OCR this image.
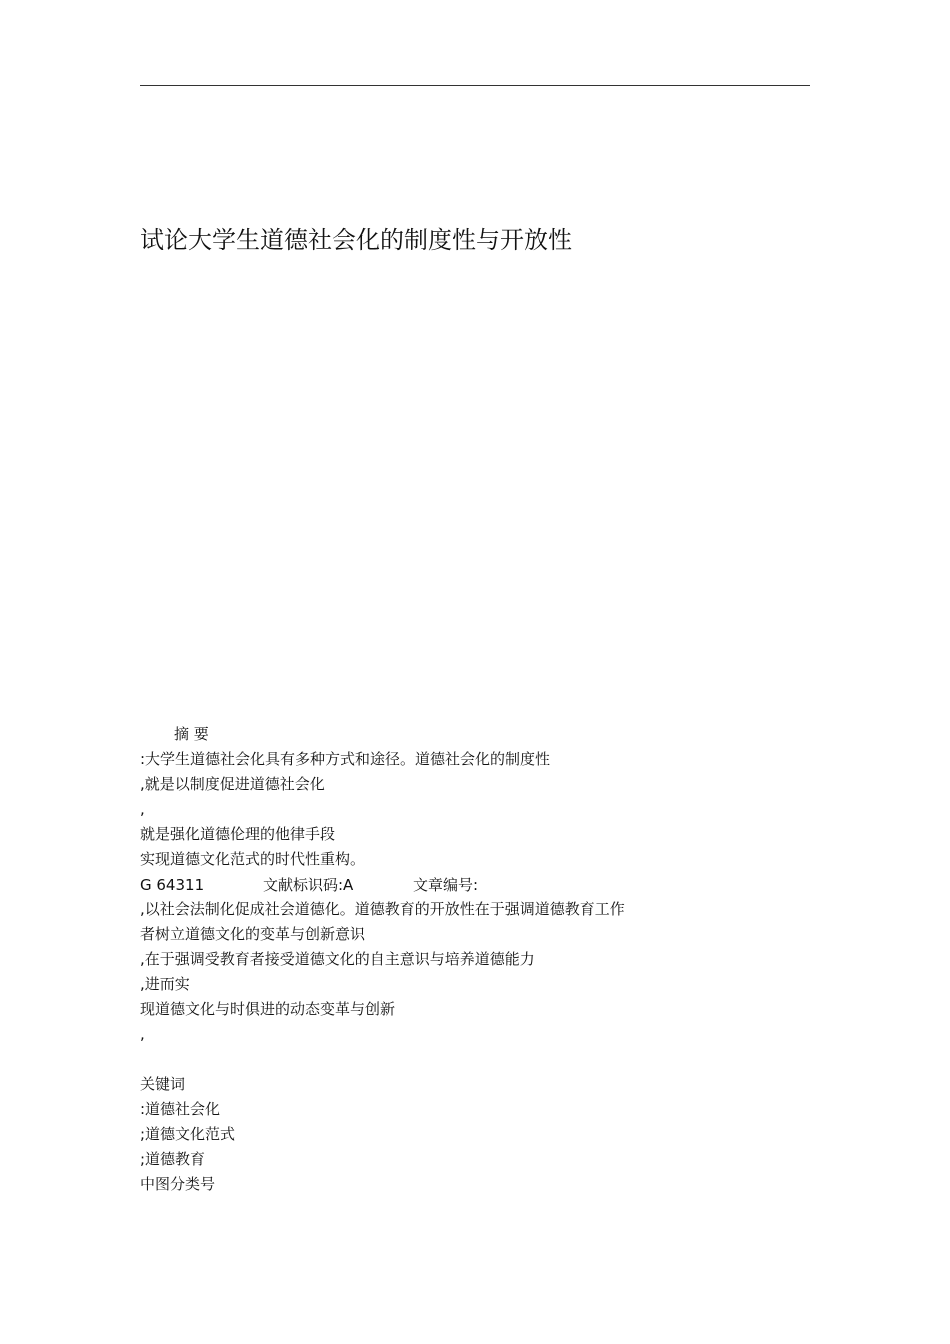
试论大学生道德社会化的制度性与开放性
摘 要
:大学生道德社会化具有多种方式和途径。道德社会化的制度性
,就是以制度促进道德社会化
,
就是强化道德伦理的他律手段
实现道德文化范式的时代性重构。
G 64311	文献标识码:A	文章编号:
,以社会法制化促成社会道德化。道德教育的开放性在于强调道德教育工作
者树立道德文化的变革与创新意识
,在于强调受教育者接受道德文化的自主意识与培养道德能力
,进而实
现道德文化与时俱进的动态变革与创新
,
关键词
:道德社会化
;道德文化范式
;道德教育
中图分类号
